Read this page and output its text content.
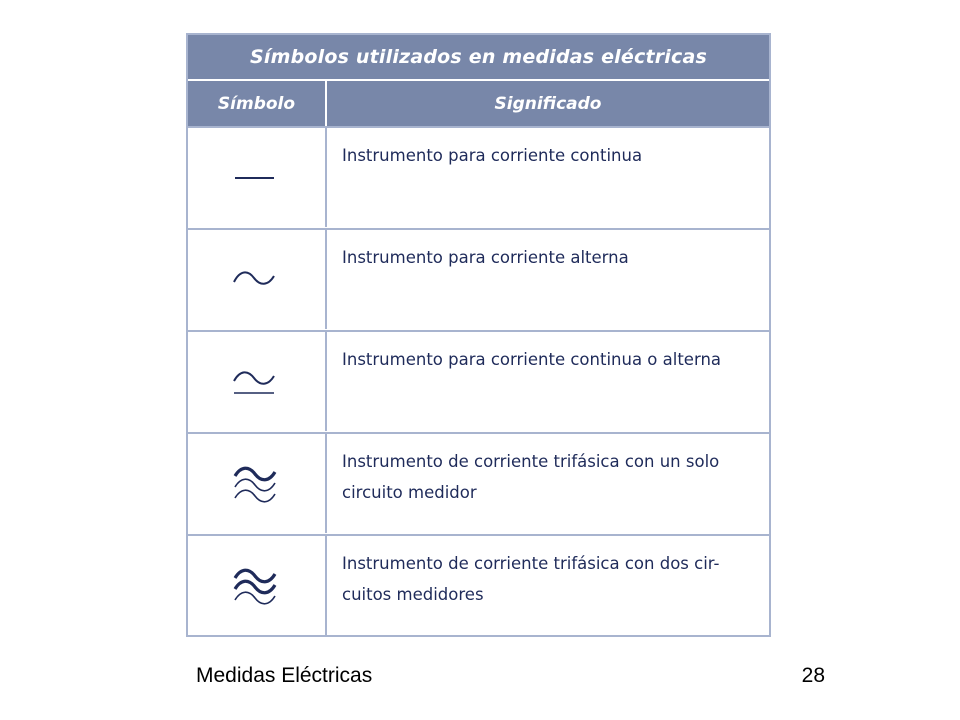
Símbolos utilizados en medidas eléctricas
Símbolo	Significado
Instrumento para corriente continua
Instrumento para corriente alterna
Instrumento para corriente continua o alterna
Instrumento de corriente trifásica con un solo circuito medidor
Instrumento de corriente trifásica con dos cir-cuitos medidores
Medidas Eléctricas	28
